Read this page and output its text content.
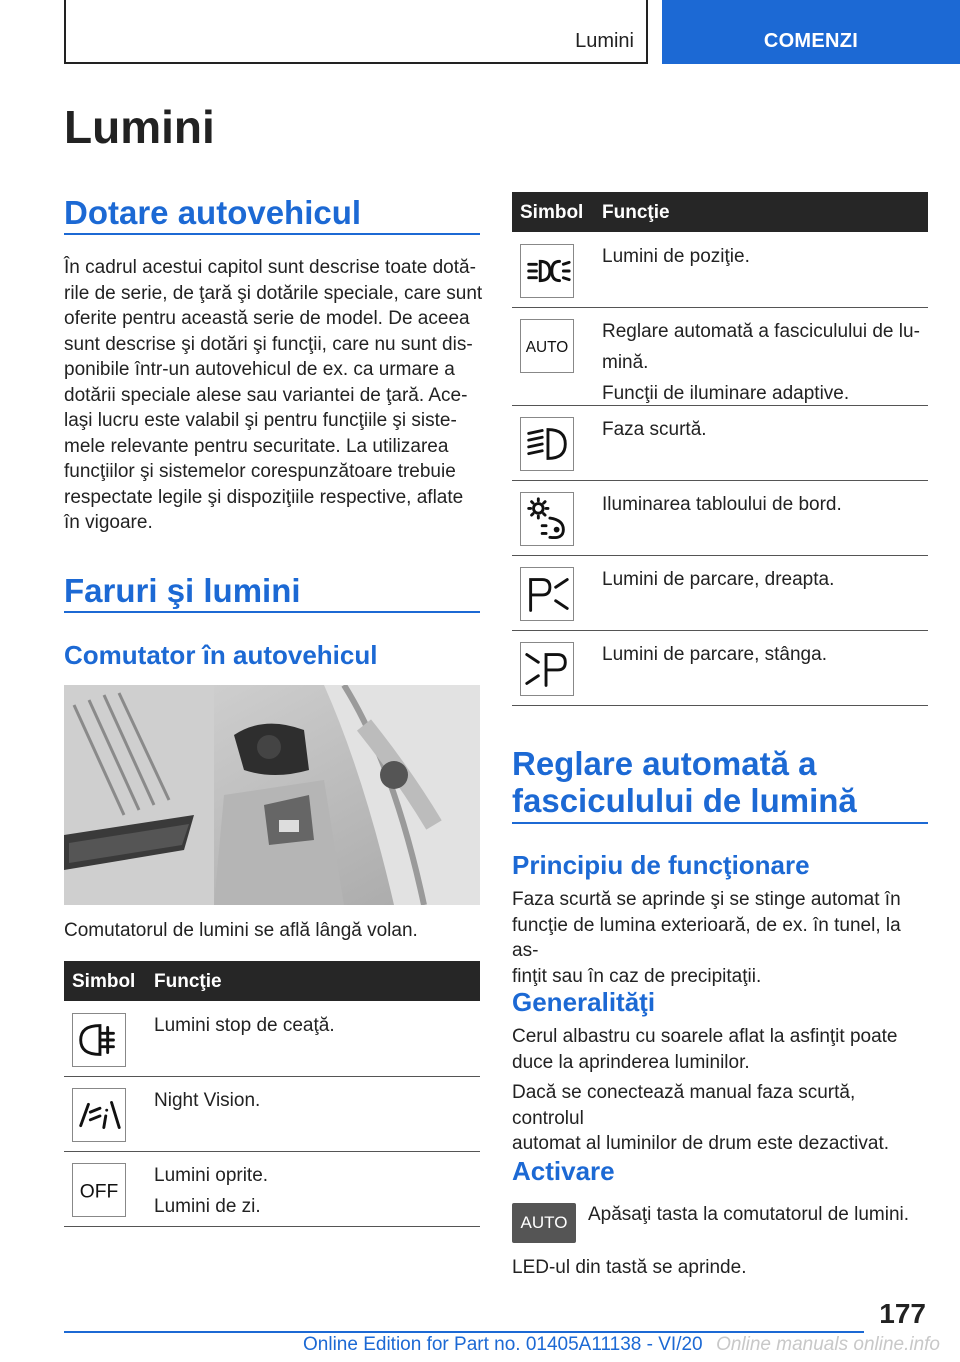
Lumini	COMENZI
Lumini
Dotare autovehicul
În cadrul acestui capitol sunt descrise toate dotă-
rile de serie, de ţară şi dotările speciale, care sunt
oferite pentru această serie de model. De aceea
sunt descrise şi dotări şi funcţii, care nu sunt dis-
ponibile într-un autovehicul de ex. ca urmare a
dotării speciale alese sau variantei de ţară. Ace-
laşi lucru este valabil şi pentru funcţiile şi siste-
mele relevante pentru securitate. La utilizarea
funcţiilor şi sistemelor corespunzătoare trebuie
respectate legile şi dispoziţiile respective, aflate
în vigoare.
Faruri şi lumini
Comutator în autovehicul
Comutatorul de lumini se află lângă volan.
Simbol Funcţie
Lumini stop de ceaţă.
Night Vision.
OFF
Lumini oprite.
Lumini de zi.
Simbol Funcţie
Lumini de poziţie.
AUTO
Reglare automată a fasciculului de lu-
mină.
Funcţii de iluminare adaptive.
Faza scurtă.
Iluminarea tabloului de bord.
Lumini de parcare, dreapta.
Lumini de parcare, stânga.
Reglare automată a
fasciculului de lumină
Principiu de funcţionare
Faza scurtă se aprinde şi se stinge automat în
funcţie de lumina exterioară, de ex. în tunel, la as-
finţit sau în caz de precipitaţii.
Generalităţi
Cerul albastru cu soarele aflat la asfinţit poate
duce la aprinderea luminilor.
Dacă se conectează manual faza scurtă, controlul
automat al luminilor de drum este dezactivat.
Activare
AUTO	Apăsaţi tasta la comutatorul de lumini.
LED-ul din tastă se aprinde.
177
Online Edition for Part no. 01405A11138 - VI/20 Online manuals online.info
